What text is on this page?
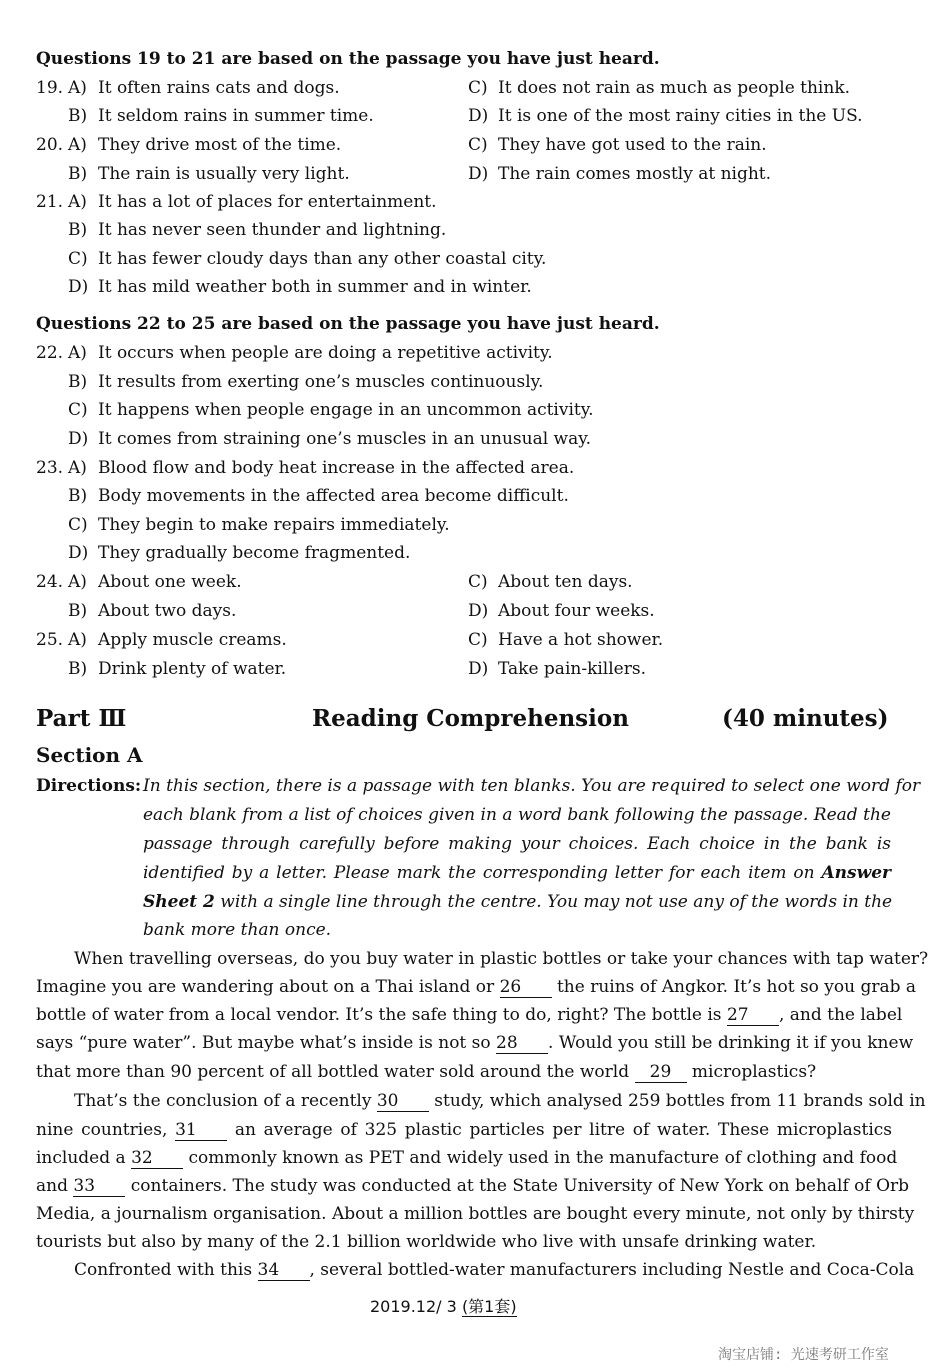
Questions 19 to 21 are based on the passage you have just heard.
19. A) It often rains cats and dogs.	C) It does not rain as much as people think.
B) It seldom rains in summer time.	D) It is one of the most rainy cities in the US.
20. A) They drive most of the time.	C) They have got used to the rain.
B) The rain is usually very light.	D) The rain comes mostly at night.
21. A) It has a lot of places for entertainment.
B) It has never seen thunder and lightning.
C) It has fewer cloudy days than any other coastal city.
D) It has mild weather both in summer and in winter.
Questions 22 to 25 are based on the passage you have just heard.
22. A) It occurs when people are doing a repetitive activity.
B) It results from exerting one’s muscles continuously.
C) It happens when people engage in an uncommon activity.
D) It comes from straining one’s muscles in an unusual way.
23. A) Blood flow and body heat increase in the affected area.
B) Body movements in the affected area become difficult.
C) They begin to make repairs immediately.
D) They gradually become fragmented.
24. A) About one week.	C) About ten days.
B) About two days.	D) About four weeks.
25. A) Apply muscle creams.	C) Have a hot shower.
B) Drink plenty of water.	D) Take pain-killers.
Part Ⅲ	Reading Comprehension	(40 minutes)
Section A
Directions: In this section, there is a passage with ten blanks. You are required to select one word for
each blank from a list of choices given in a word bank following the passage. Read the
passage through carefully before making your choices. Each choice in the bank is
identified by a letter. Please mark the corresponding letter for each item on Answer
Sheet 2 with a single line through the centre. You may not use any of the words in the
bank more than once.
When travelling overseas, do you buy water in plastic bottles or take your chances with tap water?
Imagine you are wandering about on a Thai island or 26 the ruins of Angkor. It’s hot so you grab a
bottle of water from a local vendor. It’s the safe thing to do, right? The bottle is 27 , and the label
says “pure water”. But maybe what’s inside is not so 28 . Would you still be drinking it if you knew
that more than 90 percent of all bottled water sold around the world 29 microplastics?
That’s the conclusion of a recently 30 study, which analysed 259 bottles from 11 brands sold in
nine countries, 31 an average of 325 plastic particles per litre of water. These microplastics
included a 32 commonly known as PET and widely used in the manufacture of clothing and food
and 33 containers. The study was conducted at the State University of New York on behalf of Orb
Media, a journalism organisation. About a million bottles are bought every minute, not only by thirsty
tourists but also by many of the 2.1 billion worldwide who live with unsafe drinking water.
Confronted with this 34 , several bottled-water manufacturers including Nestle and Coca-Cola
2019.12/ 3 (第1套)
淘宝店铺: 光速考研工作室
